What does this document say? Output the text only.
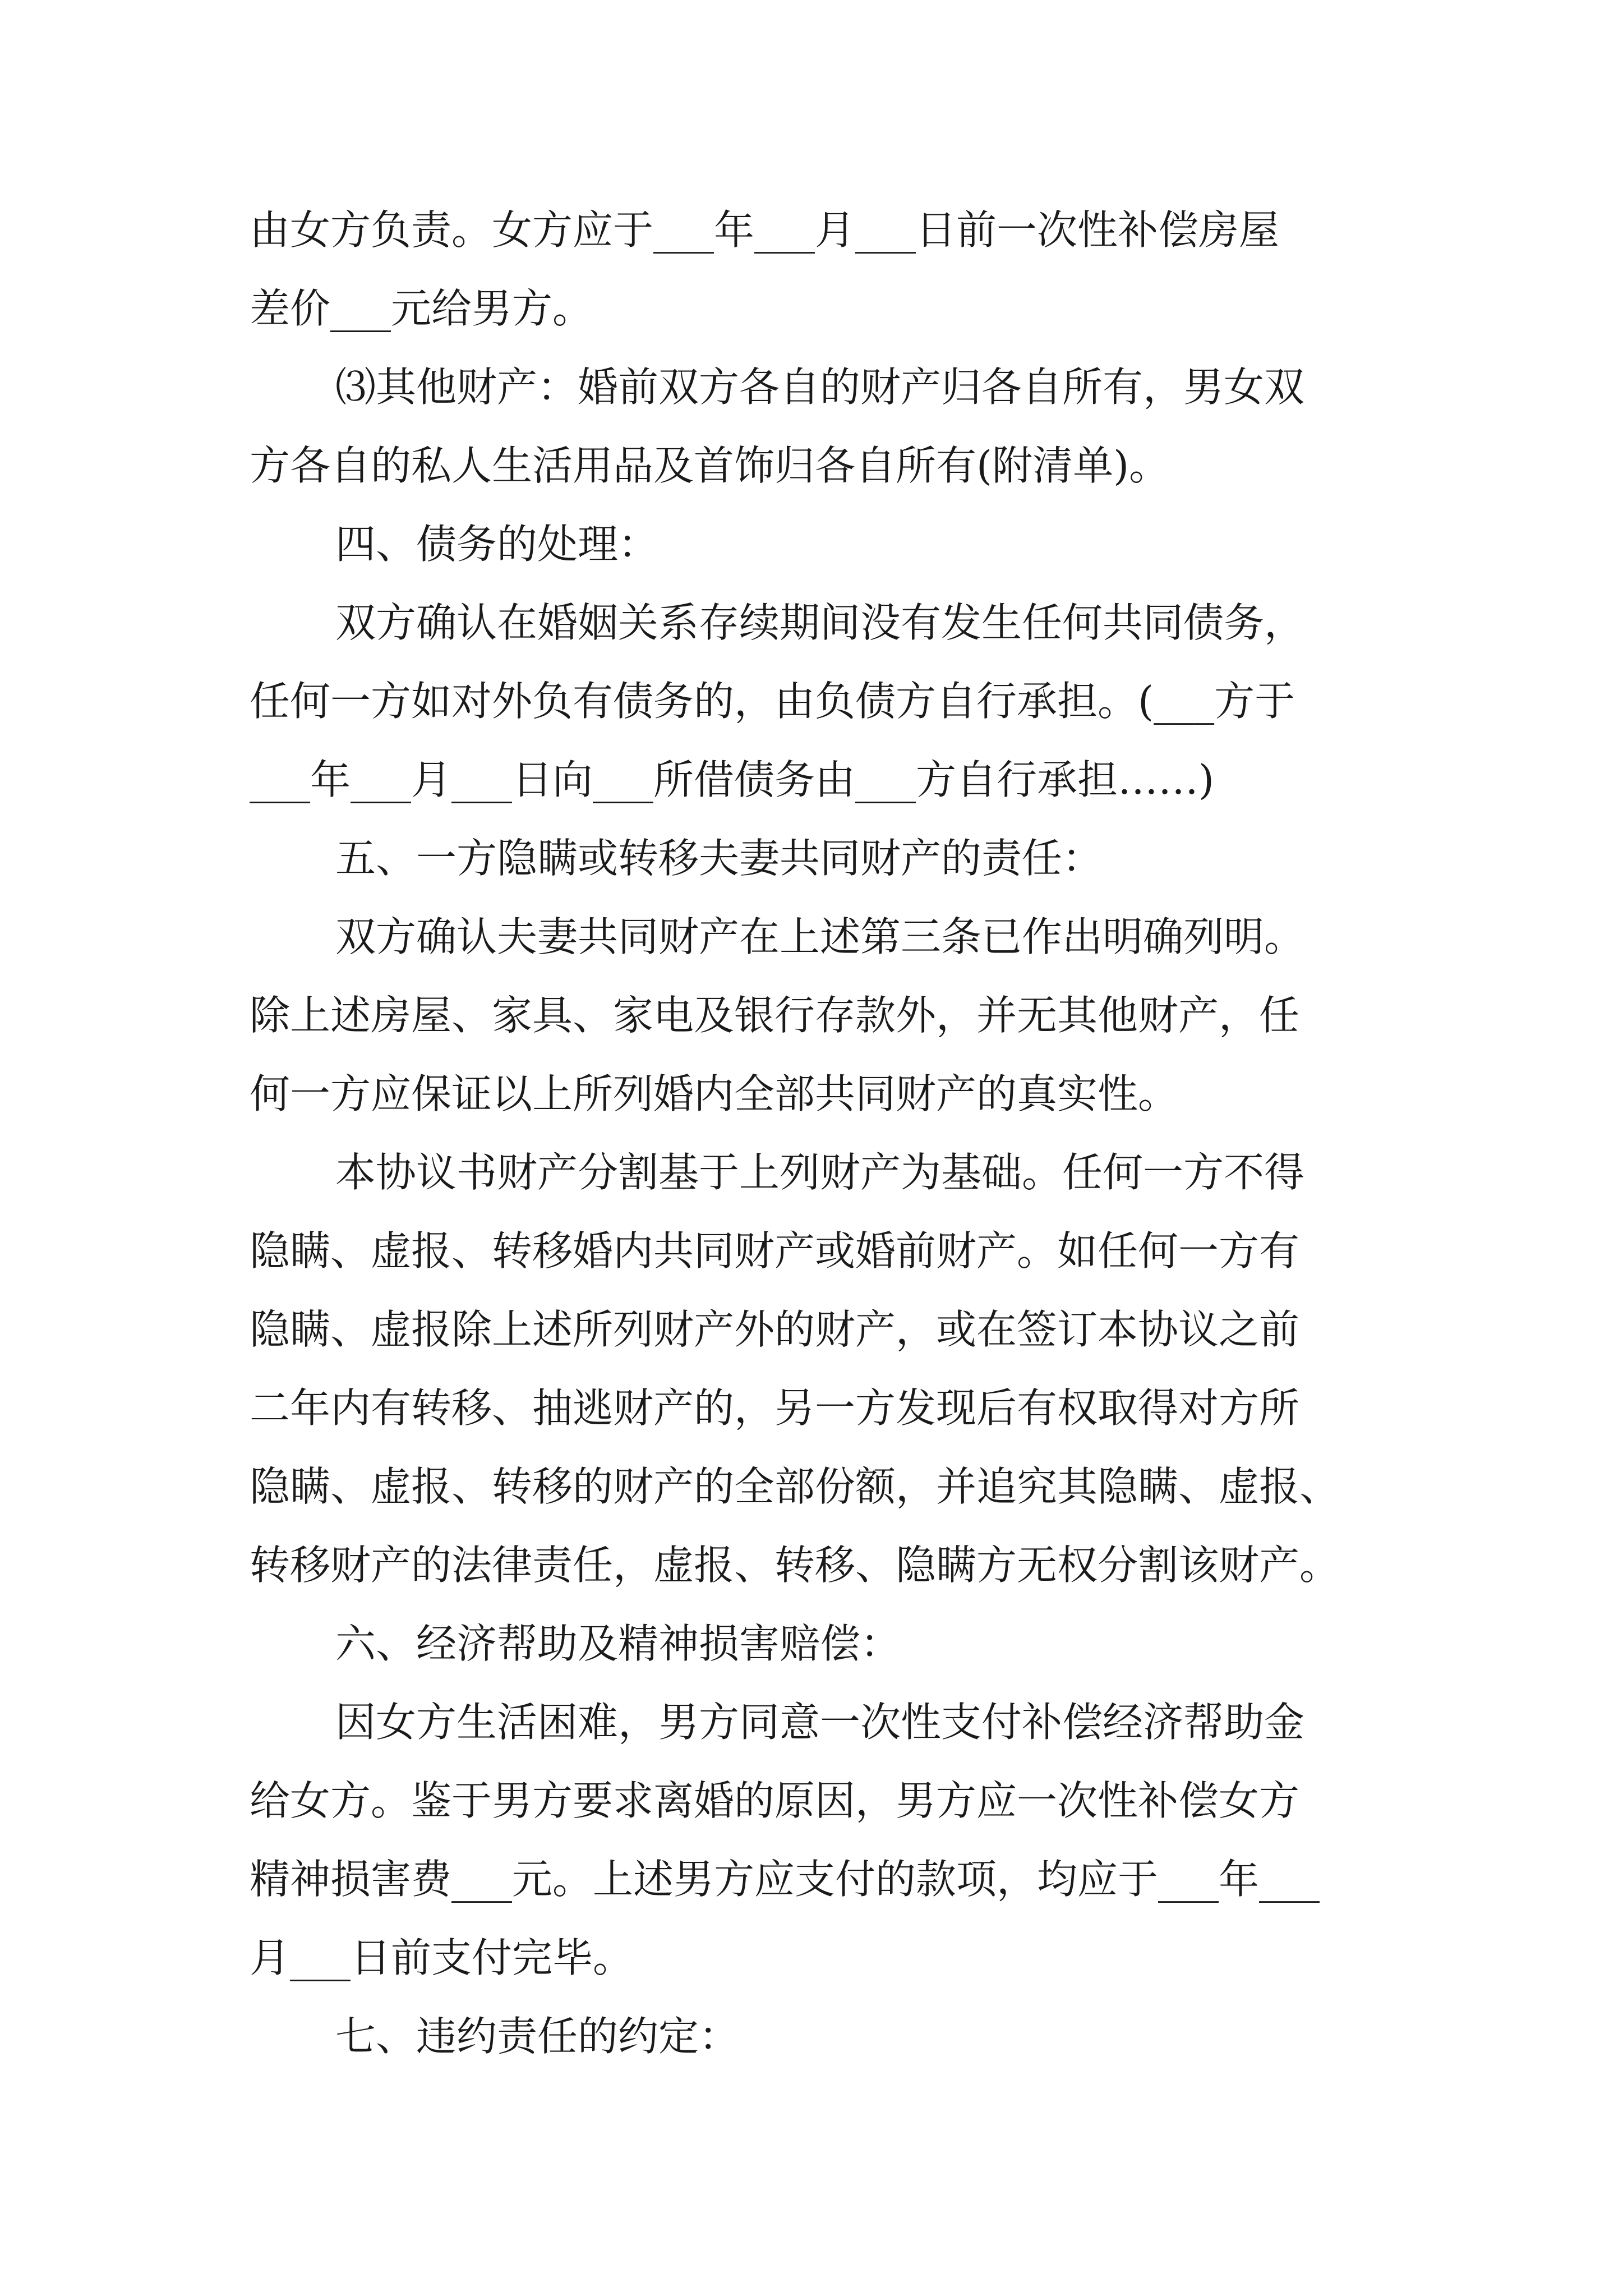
由女方负责。女方应于___年___月___日前一次性补偿房屋
差价___元给男方。
⑶其他财产：婚前双方各自的财产归各自所有，男女双
方各自的私人生活用品及首饰归各自所有(附清单)。
四、债务的处理：
双方确认在婚姻关系存续期间没有发生任何共同债务，
任何一方如对外负有债务的，由负债方自行承担。(___方于
___年___月___日向___所借债务由___方自行承担……)
五、一方隐瞒或转移夫妻共同财产的责任：
双方确认夫妻共同财产在上述第三条已作出明确列明。
除上述房屋、家具、家电及银行存款外，并无其他财产，任
何一方应保证以上所列婚内全部共同财产的真实性。
本协议书财产分割基于上列财产为基础。任何一方不得
隐瞒、虚报、转移婚内共同财产或婚前财产。如任何一方有
隐瞒、虚报除上述所列财产外的财产，或在签订本协议之前
二年内有转移、抽逃财产的，另一方发现后有权取得对方所
隐瞒、虚报、转移的财产的全部份额，并追究其隐瞒、虚报、
转移财产的法律责任，虚报、转移、隐瞒方无权分割该财产。
六、经济帮助及精神损害赔偿：
因女方生活困难，男方同意一次性支付补偿经济帮助金
给女方。鉴于男方要求离婚的原因，男方应一次性补偿女方
精神损害费___元。上述男方应支付的款项，均应于___年___
月___日前支付完毕。
七、违约责任的约定：
